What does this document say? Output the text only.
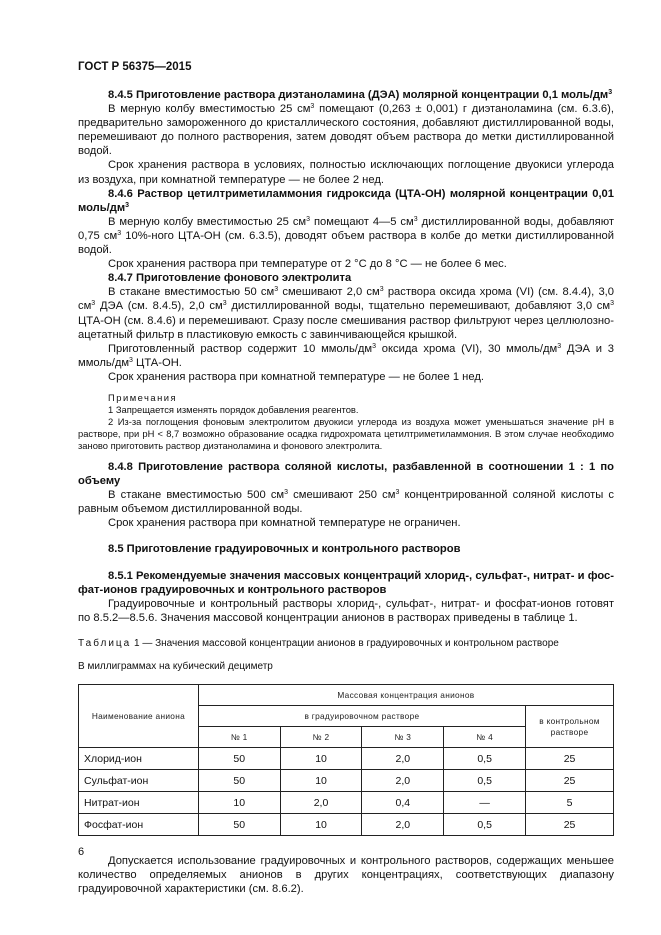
ГОСТ Р 56375—2015

8.4.5 Приготовление раствора диэтаноламина (ДЭА) молярной концентрации 0,1 моль/$дм^3$

В мерную колбу вместимостью 25 $см^3$ помещают (0,263 ± 0,001) г диэтаноламина (см. 6.3.6), предварительно замороженного до кристаллического состояния, добавляют дистиллированной воды, перемешивают до полного растворения, затем доводят объем раствора до метки дистиллированной водой.

Срок хранения раствора в условиях, полностью исключающих поглощение двуокиси углерода из воздуха, при комнатной температуре — не более 2 нед.

8.4.6 Раствор цетилтриметиламмония гидроксида (ЦТА-ОН) молярной концентрации 0,01 моль/$дм^3$

В мерную колбу вместимостью 25 $см^3$ помещают 4—5 $см^3$ дистиллированной воды, добавляют 0,75 $см^3$ 10%-ного ЦТА-ОН (см. 6.3.5), доводят объем раствора в колбе до метки дистиллированной водой.

Срок хранения раствора при температуре от 2 °С до 8 °С — не более 6 мес.

8.4.7 Приготовление фонового электролита

В стакане вместимостью 50 $см^3$ смешивают 2,0 $см^3$ раствора оксида хрома (VI) (см. 8.4.4), 3,0 $см^3$ ДЭА (см. 8.4.5), 2,0 $см^3$ дистиллированной воды, тщательно перемешивают, добавляют 3,0 $см^3$ ЦТА-ОН (см. 8.4.6) и перемешивают. Сразу после смешивания раствор фильтруют через целлюлозно-ацетатный фильтр в пластиковую емкость с завинчивающейся крышкой.

Приготовленный раствор содержит 10 ммоль/$дм^3$ оксида хрома (VI), 30 ммоль/$дм^3$ ДЭА и 3 ммоль/$дм^3$ ЦТА-ОН.

Срок хранения раствора при комнатной температуре — не более 1 нед.

Примечания

1 Запрещается изменять порядок добавления реагентов.

2 Из-за поглощения фоновым электролитом двуокиси углерода из воздуха может уменьшаться значение рН в растворе, при рН < 8,7 возможно образование осадка гидрохромата цетилтриметиламмония. В этом случае необходимо заново приготовить раствор диэтаноламина и фонового электролита.

8.4.8 Приготовление раствора соляной кислоты, разбавленной в соотношении 1 : 1 по объему

В стакане вместимостью 500 $см^3$ смешивают 250 $см^3$ концентрированной соляной кислоты с равным объемом дистиллированной воды.

Срок хранения раствора при комнатной температуре не ограничен.

8.5 Приготовление градуировочных и контрольного растворов

8.5.1 Рекомендуемые значения массовых концентраций хлорид-, сульфат-, нитрат- и фосфат-ионов градуировочных и контрольного растворов

Градуировочные и контрольный растворы хлорид-, сульфат-, нитрат- и фосфат-ионов готовят по 8.5.2—8.5.6. Значения массовой концентрации анионов в растворах приведены в таблице 1.

Таблица 1 — Значения массовой концентрации анионов в градуировочных и контрольном растворе

В миллиграммах на кубический дециметр

Наименование аниона	Массовая концентрация анионов				
	в градуировочном растворе				в контрольном растворе
	№ 1	№ 2	№ 3	№ 4	
Хлорид-ион	50	10	2,0	0,5	25
Сульфат-ион	50	10	2,0	0,5	25
Нитрат-ион	10	2,0	0,4	—	5
Фосфат-ион	50	10	2,0	0,5	25

Допускается использование градуировочных и контрольного растворов, содержащих меньшее количество определяемых анионов в других концентрациях, соответствующих диапазону градуировочной характеристики (см. 8.6.2).

6
